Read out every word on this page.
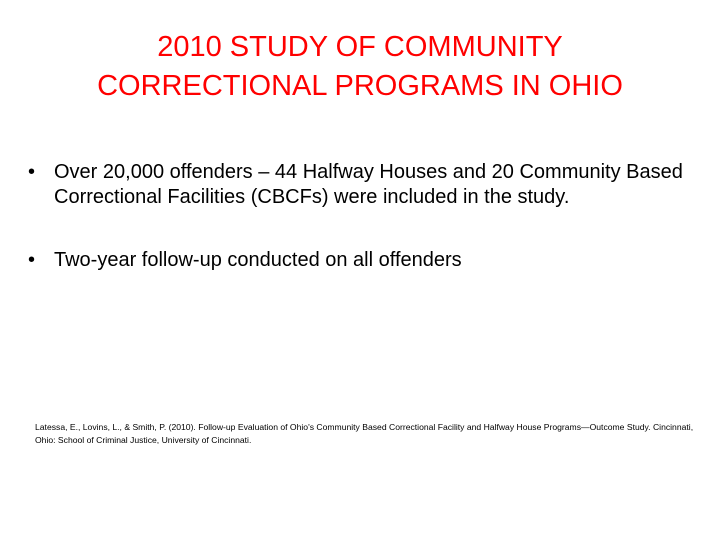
2010 STUDY OF COMMUNITY
CORRECTIONAL PROGRAMS IN OHIO
• Over 20,000 offenders – 44 Halfway Houses and 20 Community Based Correctional Facilities (CBCFs) were included in the study.
• Two-year follow-up conducted on all offenders
Latessa, E., Lovins, L., & Smith, P. (2010). Follow-up Evaluation of Ohio's Community Based Correctional Facility and Halfway House Programs—Outcome Study. Cincinnati, Ohio: School of Criminal Justice, University of Cincinnati.
